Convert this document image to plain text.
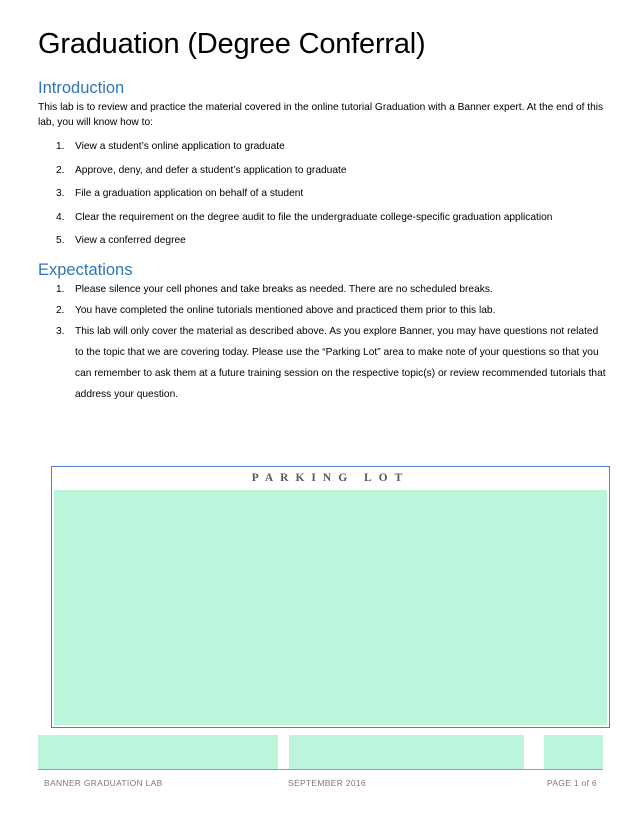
Graduation (Degree Conferral)
Introduction
This lab is to review and practice the material covered in the online tutorial Graduation with a Banner expert. At the end of this lab, you will know how to:
1. View a student’s online application to graduate
2. Approve, deny, and defer a student’s application to graduate
3. File a graduation application on behalf of a student
4. Clear the requirement on the degree audit to file the undergraduate college-specific graduation application
5. View a conferred degree
Expectations
1. Please silence your cell phones and take breaks as needed. There are no scheduled breaks.
2. You have completed the online tutorials mentioned above and practiced them prior to this lab.
3. This lab will only cover the material as described above. As you explore Banner, you may have questions not related to the topic that we are covering today. Please use the “Parking Lot” area to make note of your questions so that you can remember to ask them at a future training session on the respective topic(s) or review recommended tutorials that address your question.
PARKING LOT
BANNER GRADUATION LAB	SEPTEMBER 2016	PAGE 1 of 6
